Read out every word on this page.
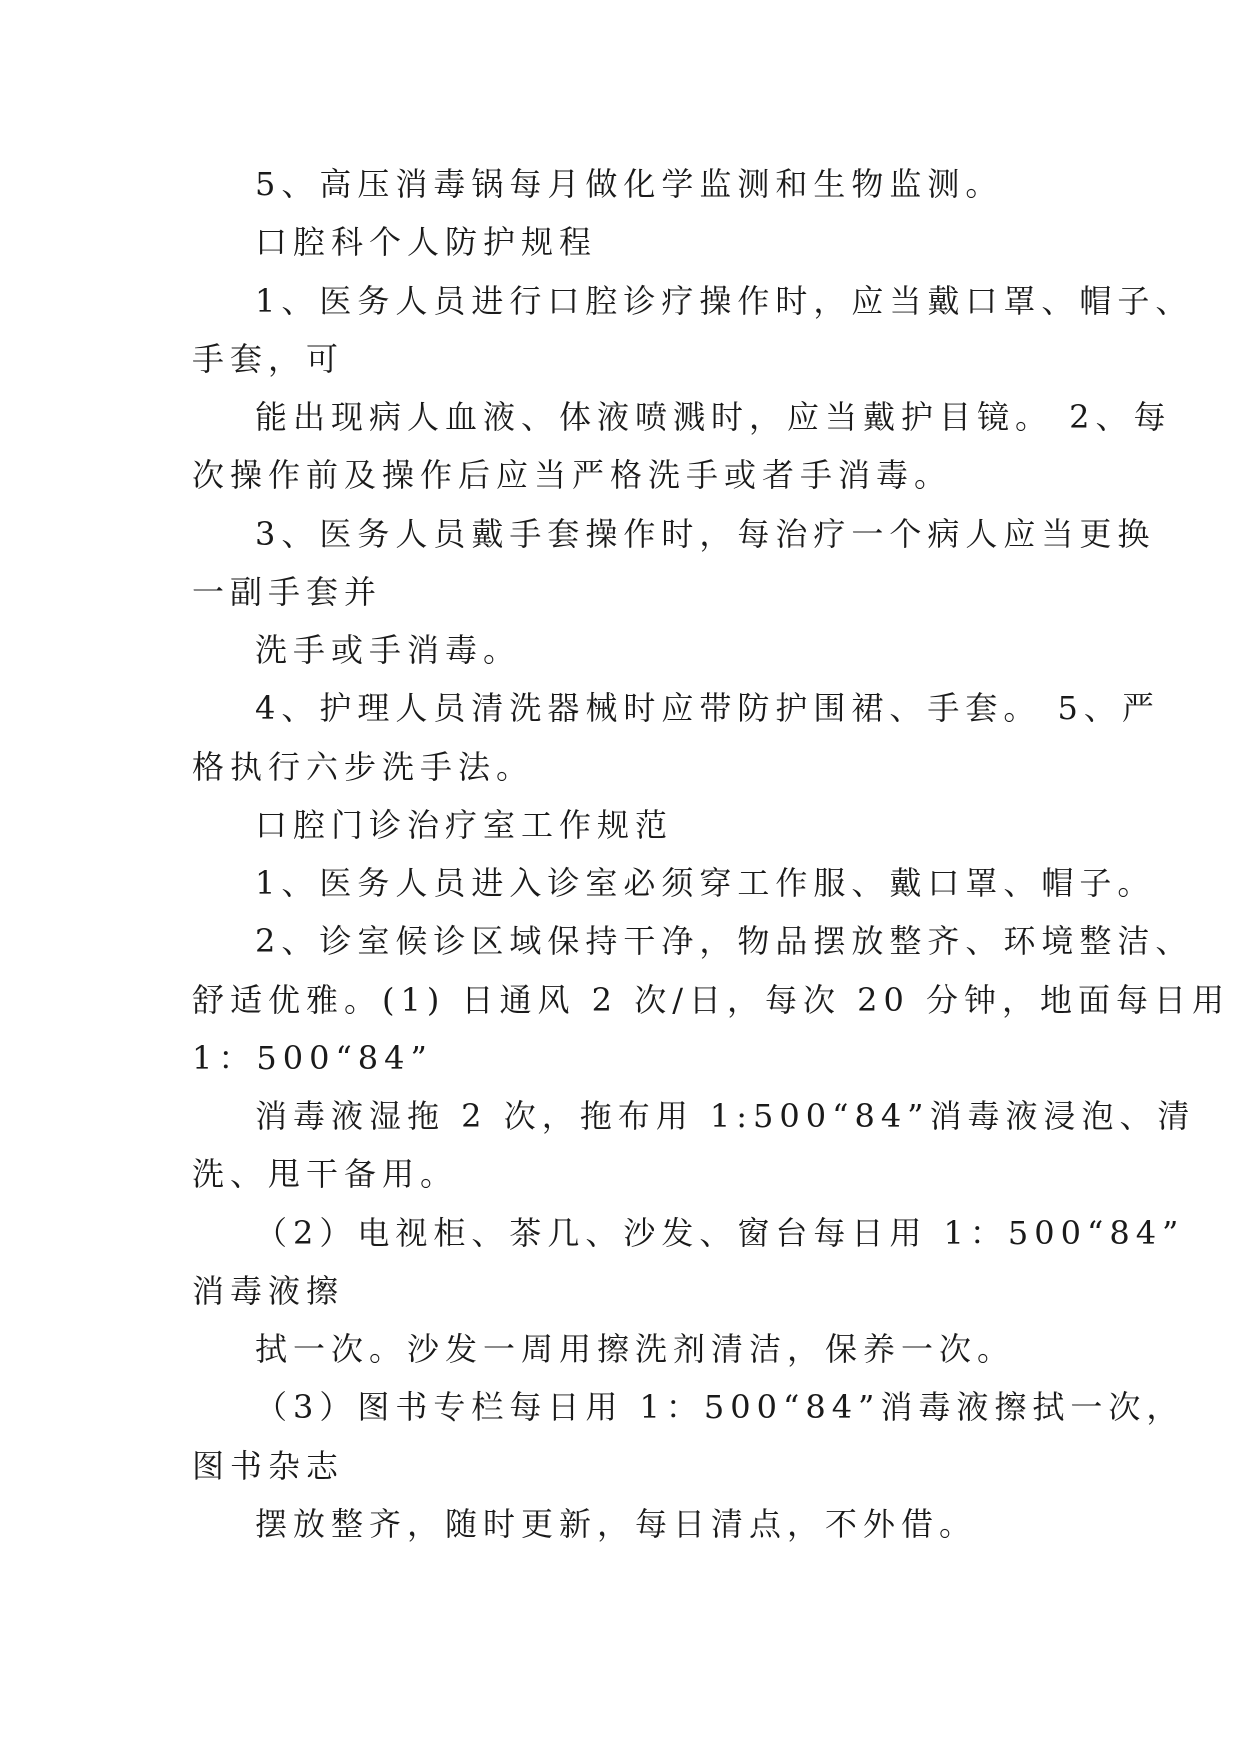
5、高压消毒锅每月做化学监测和生物监测。
口腔科个人防护规程
1、医务人员进行口腔诊疗操作时，应当戴口罩、帽子、
手套，可
能出现病人血液、体液喷溅时，应当戴护目镜。 2、每
次操作前及操作后应当严格洗手或者手消毒。
3、医务人员戴手套操作时，每治疗一个病人应当更换
一副手套并
洗手或手消毒。
4、护理人员清洗器械时应带防护围裙、手套。 5、严
格执行六步洗手法。
口腔门诊治疗室工作规范
1、医务人员进入诊室必须穿工作服、戴口罩、帽子。
2、诊室候诊区域保持干净，物品摆放整齐、环境整洁、
舒适优雅。(1) 日通风 2 次/日，每次 20 分钟，地面每日用
1：500“84”
消毒液湿拖 2 次，拖布用 1:500“84”消毒液浸泡、清
洗、甩干备用。
（2）电视柜、茶几、沙发、窗台每日用 1：500“84”
消毒液擦
拭一次。沙发一周用擦洗剂清洁，保养一次。
（3）图书专栏每日用 1：500“84”消毒液擦拭一次，
图书杂志
摆放整齐，随时更新，每日清点，不外借。
